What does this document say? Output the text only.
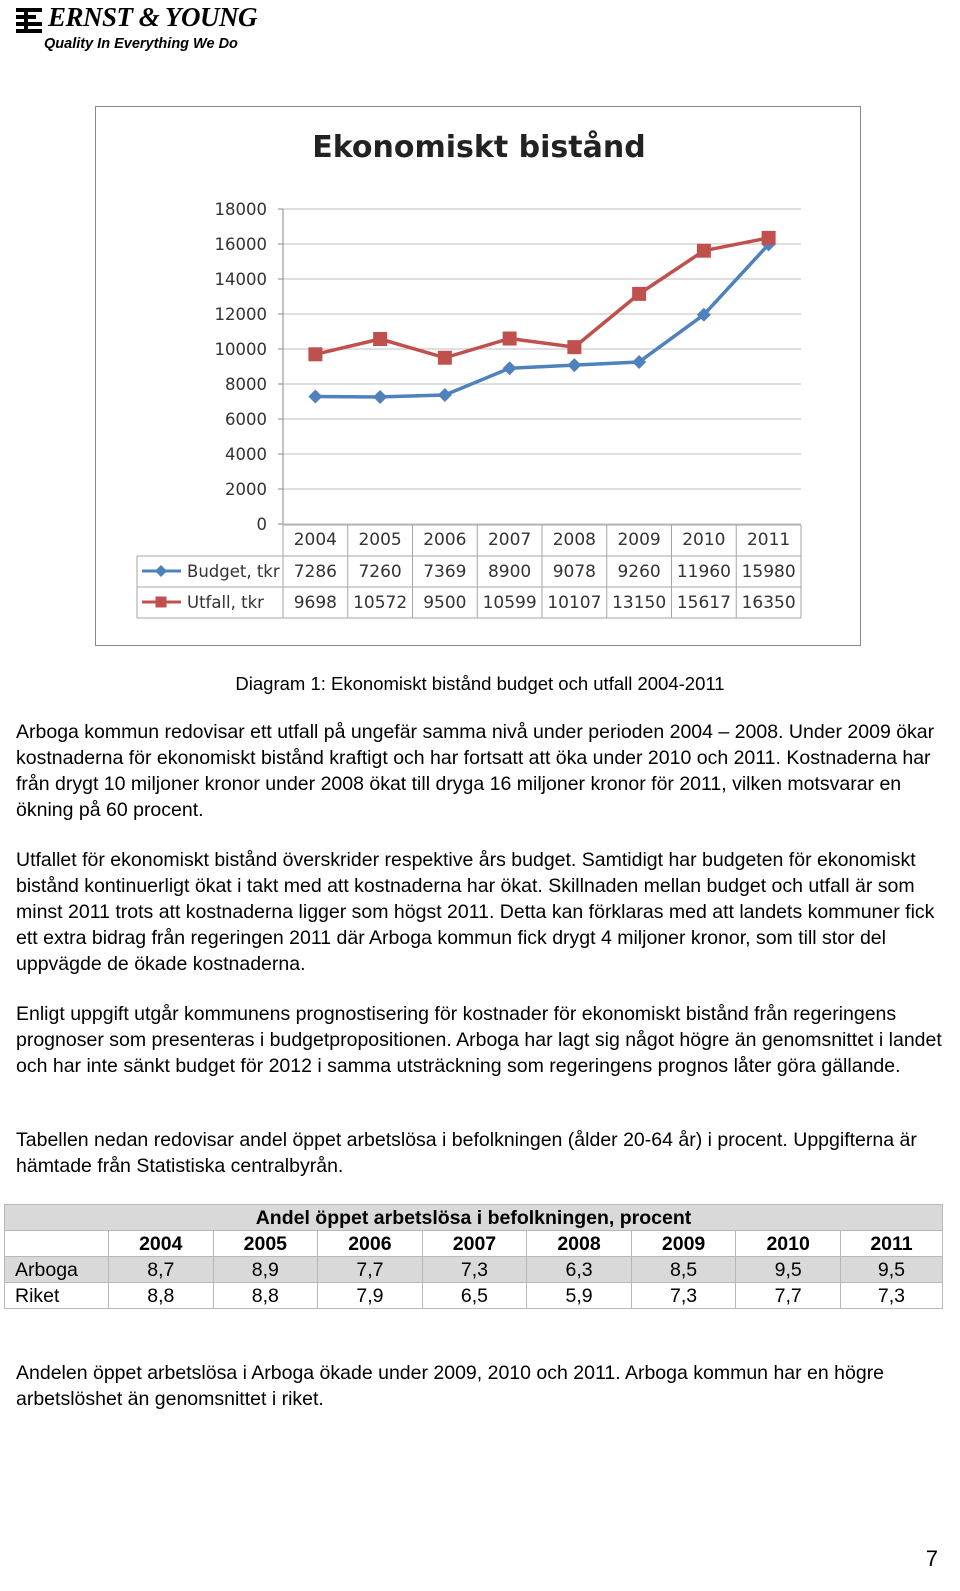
ERNST & YOUNG
Quality In Everything We Do
Ekonomiskt bistånd
18000
16000
14000
12000
10000
8000
6000
4000
2000
0
2004 2005 2006 2007 2008 2009 2010 2011
Budget, tkr 7286 7260 7369 8900 9078 9260 11960 15980
Utfall, tkr 9698 10572 9500 10599 10107 13150 15617 16350
Diagram 1: Ekonomiskt bistånd budget och utfall 2004-2011

Arboga kommun redovisar ett utfall på ungefär samma nivå under perioden 2004 – 2008. Under 2009 ökar kostnaderna för ekonomiskt bistånd kraftigt och har fortsatt att öka under 2010 och 2011. Kostnaderna har från drygt 10 miljoner kronor under 2008 ökat till dryga 16 miljoner kronor för 2011, vilken motsvarar en ökning på 60 procent.

Utfallet för ekonomiskt bistånd överskrider respektive års budget. Samtidigt har budgeten för ekonomiskt bistånd kontinuerligt ökat i takt med att kostnaderna har ökat. Skillnaden mellan budget och utfall är som minst 2011 trots att kostnaderna ligger som högst 2011. Detta kan förklaras med att landets kommuner fick ett extra bidrag från regeringen 2011 där Arboga kommun fick drygt 4 miljoner kronor, som till stor del uppvägde de ökade kostnaderna.

Enligt uppgift utgår kommunens prognostisering för kostnader för ekonomiskt bistånd från regeringens prognoser som presenteras i budgetpropositionen. Arboga har lagt sig något högre än genomsnittet i landet och har inte sänkt budget för 2012 i samma utsträckning som regeringens prognos låter göra gällande.

Tabellen nedan redovisar andel öppet arbetslösa i befolkningen (ålder 20-64 år) i procent. Uppgifterna är hämtade från Statistiska centralbyrån.

Andel öppet arbetslösa i befolkningen, procent								
	2004	2005	2006	2007	2008	2009	2010	2011
Arboga	8,7	8,9	7,7	7,3	6,3	8,5	9,5	9,5
Riket	8,8	8,8	7,9	6,5	5,9	7,3	7,7	7,3

Andelen öppet arbetslösa i Arboga ökade under 2009, 2010 och 2011. Arboga kommun har en högre arbetslöshet än genomsnittet i riket.

7
